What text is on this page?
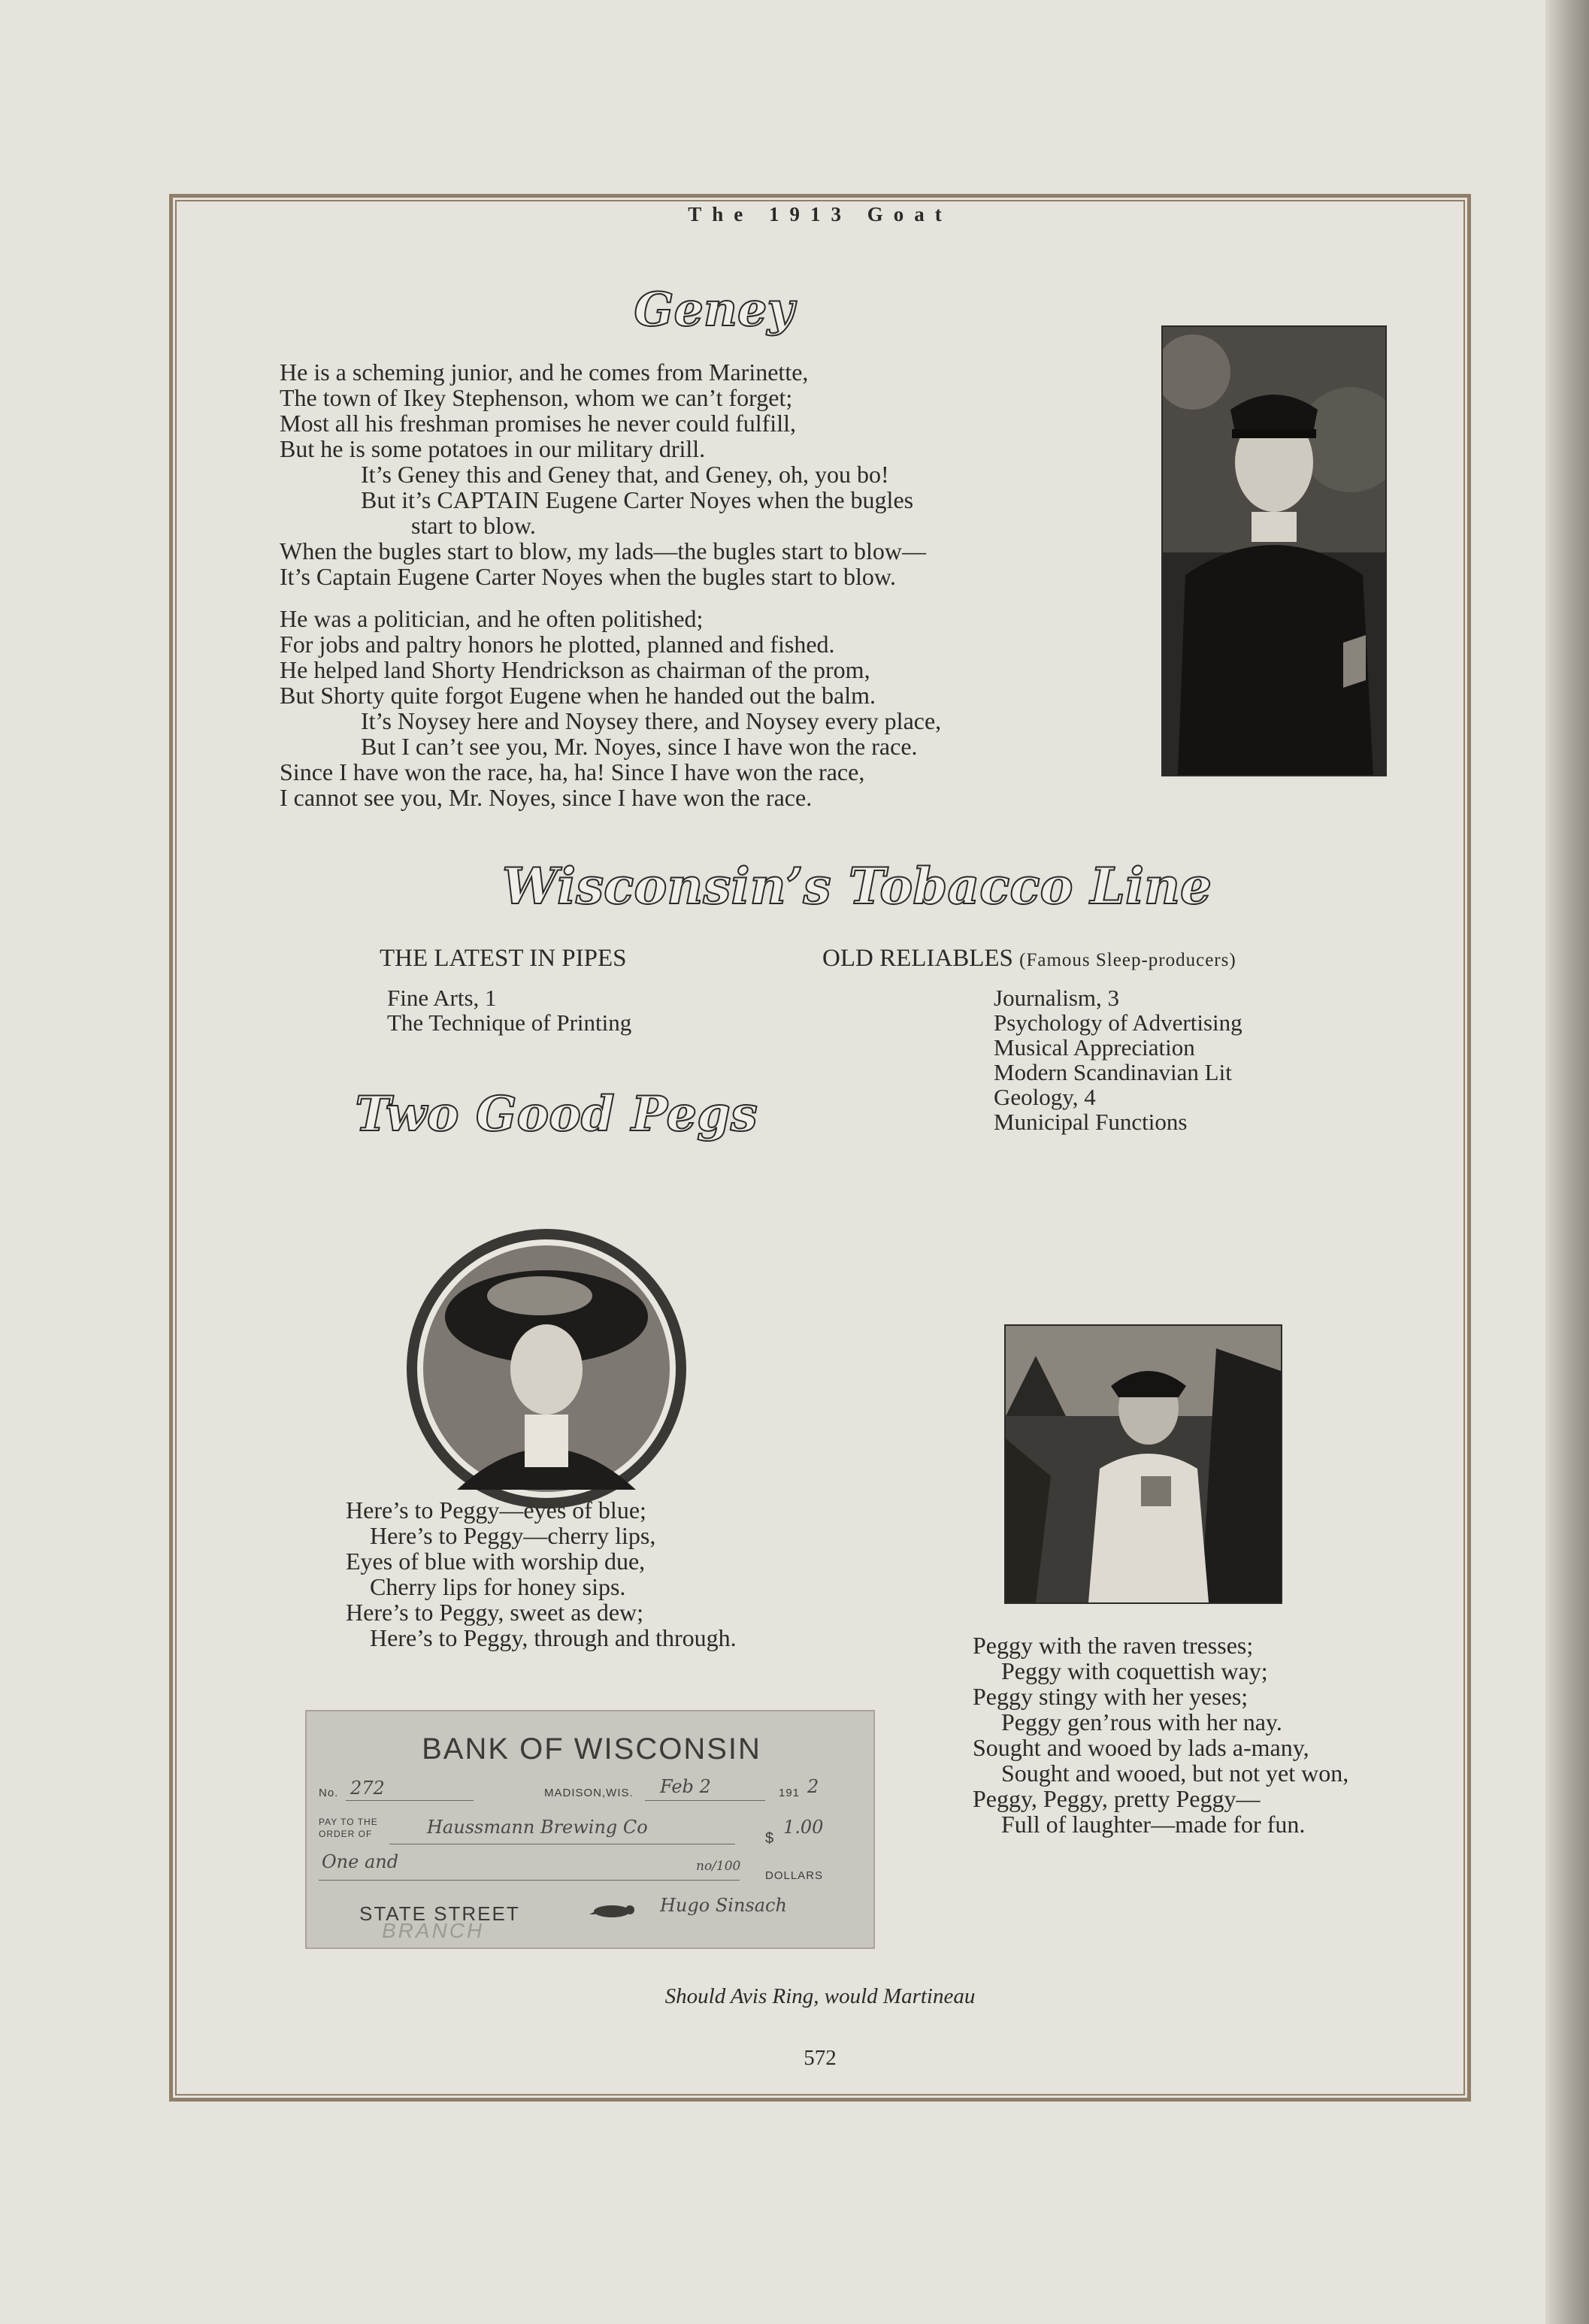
The 1913 Goat
Geney
He is a scheming junior, and he comes from Marinette,
The town of Ikey Stephenson, whom we can’t forget;
Most all his freshman promises he never could fulfill,
But he is some potatoes in our military drill.
It’s Geney this and Geney that, and Geney, oh, you bo!
But it’s CAPTAIN Eugene Carter Noyes when the bugles
start to blow.
When the bugles start to blow, my lads—the bugles start to blow—
It’s Captain Eugene Carter Noyes when the bugles start to blow.
He was a politician, and he often politished;
For jobs and paltry honors he plotted, planned and fished.
He helped land Shorty Hendrickson as chairman of the prom,
But Shorty quite forgot Eugene when he handed out the balm.
It’s Noysey here and Noysey there, and Noysey every place,
But I can’t see you, Mr. Noyes, since I have won the race.
Since I have won the race, ha, ha! Since I have won the race,
I cannot see you, Mr. Noyes, since I have won the race.
Wisconsin’s Tobacco Line
THE LATEST IN PIPES
Fine Arts, 1
The Technique of Printing
OLD RELIABLES (Famous Sleep-producers)
Journalism, 3
Psychology of Advertising
Musical Appreciation
Modern Scandinavian Lit
Geology, 4
Municipal Functions
Two Good Pegs
Here’s to Peggy—eyes of blue;
Here’s to Peggy—cherry lips,
Eyes of blue with worship due,
Cherry lips for honey sips.
Here’s to Peggy, sweet as dew;
Here’s to Peggy, through and through.	Peggy with the raven tresses;
Peggy with coquettish way;
Peggy stingy with her yeses;
Peggy gen’rous with her nay.
Sought and wooed by lads a-many,
Sought and wooed, but not yet won,
Peggy, Peggy, pretty Peggy—
Full of laughter—made for fun.
BANK OF WISCONSIN
No. 272	MADISON,WIS. Feb 2	191 2
PAY TO THE
ORDER OF	Haussmann Brewing Co
$
1.00
One and	no/100
DOLLARS
STATE STREET
BRANCH
Hugo Sinsach
Should Avis Ring, would Martineau
572
